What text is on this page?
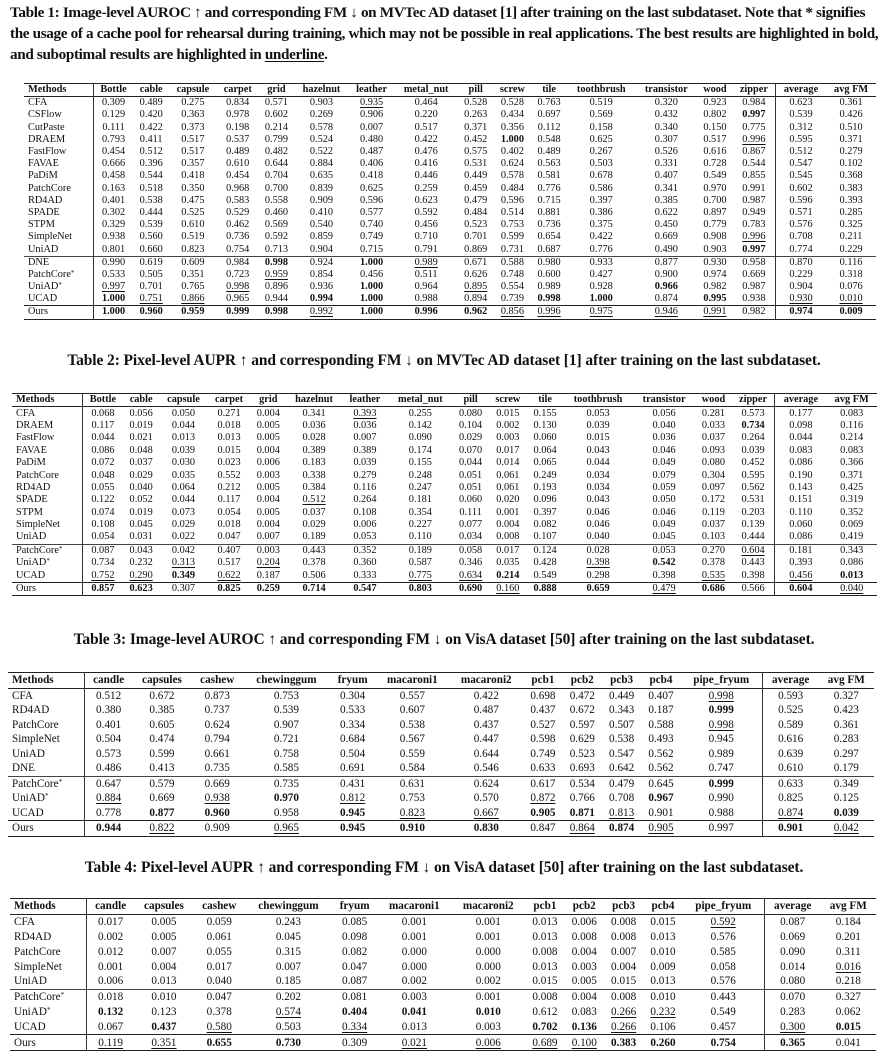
Table 1: Image-level AUROC ↑ and corresponding FM ↓ on MVTec AD dataset [1] after training on the last subdataset. Note that * signifies the usage of a cache pool for rehearsal during training, which may not be possible in real applications. The best results are highlighted in bold, and suboptimal results are highlighted in underline.
Methods	Bottle	cable	capsule	carpet	grid	hazelnut	leather	metal_nut	pill	screw	tile	toothbrush	transistor	wood	zipper	average	avg FM
CFA	0.309	0.489	0.275	0.834	0.571	0.903	0.935	0.464	0.528	0.528	0.763	0.519	0.320	0.923	0.984	0.623	0.361
CSFlow	0.129	0.420	0.363	0.978	0.602	0.269	0.906	0.220	0.263	0.434	0.697	0.569	0.432	0.802	0.997	0.539	0.426
CutPaste	0.111	0.422	0.373	0.198	0.214	0.578	0.007	0.517	0.371	0.356	0.112	0.158	0.340	0.150	0.775	0.312	0.510
DRAEM	0.793	0.411	0.517	0.537	0.799	0.524	0.480	0.422	0.452	1.000	0.548	0.625	0.307	0.517	0.996	0.595	0.371
FastFlow	0.454	0.512	0.517	0.489	0.482	0.522	0.487	0.476	0.575	0.402	0.489	0.267	0.526	0.616	0.867	0.512	0.279
FAVAE	0.666	0.396	0.357	0.610	0.644	0.884	0.406	0.416	0.531	0.624	0.563	0.503	0.331	0.728	0.544	0.547	0.102
PaDiM	0.458	0.544	0.418	0.454	0.704	0.635	0.418	0.446	0.449	0.578	0.581	0.678	0.407	0.549	0.855	0.545	0.368
PatchCore	0.163	0.518	0.350	0.968	0.700	0.839	0.625	0.259	0.459	0.484	0.776	0.586	0.341	0.970	0.991	0.602	0.383
RD4AD	0.401	0.538	0.475	0.583	0.558	0.909	0.596	0.623	0.479	0.596	0.715	0.397	0.385	0.700	0.987	0.596	0.393
SPADE	0.302	0.444	0.525	0.529	0.460	0.410	0.577	0.592	0.484	0.514	0.881	0.386	0.622	0.897	0.949	0.571	0.285
STPM	0.329	0.539	0.610	0.462	0.569	0.540	0.740	0.456	0.523	0.753	0.736	0.375	0.450	0.779	0.783	0.576	0.325
SimpleNet	0.938	0.560	0.519	0.736	0.592	0.859	0.749	0.710	0.701	0.599	0.654	0.422	0.669	0.908	0.996	0.708	0.211
UniAD	0.801	0.660	0.823	0.754	0.713	0.904	0.715	0.791	0.869	0.731	0.687	0.776	0.490	0.903	0.997	0.774	0.229
DNE	0.990	0.619	0.609	0.984	0.998	0.924	1.000	0.989	0.671	0.588	0.980	0.933	0.877	0.930	0.958	0.870	0.116
PatchCore*	0.533	0.505	0.351	0.723	0.959	0.854	0.456	0.511	0.626	0.748	0.600	0.427	0.900	0.974	0.669	0.229	0.318
UniAD*	0.997	0.701	0.765	0.998	0.896	0.936	1.000	0.964	0.895	0.554	0.989	0.928	0.966	0.982	0.987	0.904	0.076
UCAD	1.000	0.751	0.866	0.965	0.944	0.994	1.000	0.988	0.894	0.739	0.998	1.000	0.874	0.995	0.938	0.930	0.010
Ours	1.000	0.960	0.959	0.999	0.998	0.992	1.000	0.996	0.962	0.856	0.996	0.975	0.946	0.991	0.982	0.974	0.009
Table 2: Pixel-level AUPR ↑ and corresponding FM ↓ on MVTec AD dataset [1] after training on the last subdataset.
Methods	Bottle	cable	capsule	carpet	grid	hazelnut	leather	metal_nut	pill	screw	tile	toothbrush	transistor	wood	zipper	average	avg FM
CFA	0.068	0.056	0.050	0.271	0.004	0.341	0.393	0.255	0.080	0.015	0.155	0.053	0.056	0.281	0.573	0.177	0.083
DRAEM	0.117	0.019	0.044	0.018	0.005	0.036	0.036	0.142	0.104	0.002	0.130	0.039	0.040	0.033	0.734	0.098	0.116
FastFlow	0.044	0.021	0.013	0.013	0.005	0.028	0.007	0.090	0.029	0.003	0.060	0.015	0.036	0.037	0.264	0.044	0.214
FAVAE	0.086	0.048	0.039	0.015	0.004	0.389	0.389	0.174	0.070	0.017	0.064	0.043	0.046	0.093	0.039	0.083	0.083
PaDiM	0.072	0.037	0.030	0.023	0.006	0.183	0.039	0.155	0.044	0.014	0.065	0.044	0.049	0.080	0.452	0.086	0.366
PatchCore	0.048	0.029	0.035	0.552	0.003	0.338	0.279	0.248	0.051	0.061	0.249	0.034	0.079	0.304	0.595	0.190	0.371
RD4AD	0.055	0.040	0.064	0.212	0.005	0.384	0.116	0.247	0.051	0.061	0.193	0.034	0.059	0.097	0.562	0.143	0.425
SPADE	0.122	0.052	0.044	0.117	0.004	0.512	0.264	0.181	0.060	0.020	0.096	0.043	0.050	0.172	0.531	0.151	0.319
STPM	0.074	0.019	0.073	0.054	0.005	0.037	0.108	0.354	0.111	0.001	0.397	0.046	0.046	0.119	0.203	0.110	0.352
SimpleNet	0.108	0.045	0.029	0.018	0.004	0.029	0.006	0.227	0.077	0.004	0.082	0.046	0.049	0.037	0.139	0.060	0.069
UniAD	0.054	0.031	0.022	0.047	0.007	0.189	0.053	0.110	0.034	0.008	0.107	0.040	0.045	0.103	0.444	0.086	0.419
PatchCore*	0.087	0.043	0.042	0.407	0.003	0.443	0.352	0.189	0.058	0.017	0.124	0.028	0.053	0.270	0.604	0.181	0.343
UniAD*	0.734	0.232	0.313	0.517	0.204	0.378	0.360	0.587	0.346	0.035	0.428	0.398	0.542	0.378	0.443	0.393	0.086
UCAD	0.752	0.290	0.349	0.622	0.187	0.506	0.333	0.775	0.634	0.214	0.549	0.298	0.398	0.535	0.398	0.456	0.013
Ours	0.857	0.623	0.307	0.825	0.259	0.714	0.547	0.803	0.690	0.160	0.888	0.659	0.479	0.686	0.566	0.604	0.040
Table 3: Image-level AUROC ↑ and corresponding FM ↓ on VisA dataset [50] after training on the last subdataset.
Methods	candle	capsules	cashew	chewinggum	fryum	macaroni1	macaroni2	pcb1	pcb2	pcb3	pcb4	pipe_fryum	average	avg FM
CFA	0.512	0.672	0.873	0.753	0.304	0.557	0.422	0.698	0.472	0.449	0.407	0.998	0.593	0.327
RD4AD	0.380	0.385	0.737	0.539	0.533	0.607	0.487	0.437	0.672	0.343	0.187	0.999	0.525	0.423
PatchCore	0.401	0.605	0.624	0.907	0.334	0.538	0.437	0.527	0.597	0.507	0.588	0.998	0.589	0.361
SimpleNet	0.504	0.474	0.794	0.721	0.684	0.567	0.447	0.598	0.629	0.538	0.493	0.945	0.616	0.283
UniAD	0.573	0.599	0.661	0.758	0.504	0.559	0.644	0.749	0.523	0.547	0.562	0.989	0.639	0.297
DNE	0.486	0.413	0.735	0.585	0.691	0.584	0.546	0.633	0.693	0.642	0.562	0.747	0.610	0.179
PatchCore*	0.647	0.579	0.669	0.735	0.431	0.631	0.624	0.617	0.534	0.479	0.645	0.999	0.633	0.349
UniAD*	0.884	0.669	0.938	0.970	0.812	0.753	0.570	0.872	0.766	0.708	0.967	0.990	0.825	0.125
UCAD	0.778	0.877	0.960	0.958	0.945	0.823	0.667	0.905	0.871	0.813	0.901	0.988	0.874	0.039
Ours	0.944	0.822	0.909	0.965	0.945	0.910	0.830	0.847	0.864	0.874	0.905	0.997	0.901	0.042
Table 4: Pixel-level AUPR ↑ and corresponding FM ↓ on VisA dataset [50] after training on the last subdataset.
Methods	candle	capsules	cashew	chewinggum	fryum	macaroni1	macaroni2	pcb1	pcb2	pcb3	pcb4	pipe_fryum	average	avg FM
CFA	0.017	0.005	0.059	0.243	0.085	0.001	0.001	0.013	0.006	0.008	0.015	0.592	0.087	0.184
RD4AD	0.002	0.005	0.061	0.045	0.098	0.001	0.001	0.013	0.008	0.008	0.013	0.576	0.069	0.201
PatchCore	0.012	0.007	0.055	0.315	0.082	0.000	0.000	0.008	0.004	0.007	0.010	0.585	0.090	0.311
SimpleNet	0.001	0.004	0.017	0.007	0.047	0.000	0.000	0.013	0.003	0.004	0.009	0.058	0.014	0.016
UniAD	0.006	0.013	0.040	0.185	0.087	0.002	0.002	0.015	0.005	0.015	0.013	0.576	0.080	0.218
PatchCore*	0.018	0.010	0.047	0.202	0.081	0.003	0.001	0.008	0.004	0.008	0.010	0.443	0.070	0.327
UniAD*	0.132	0.123	0.378	0.574	0.404	0.041	0.010	0.612	0.083	0.266	0.232	0.549	0.283	0.062
UCAD	0.067	0.437	0.580	0.503	0.334	0.013	0.003	0.702	0.136	0.266	0.106	0.457	0.300	0.015
Ours	0.119	0.351	0.655	0.730	0.309	0.021	0.006	0.689	0.100	0.383	0.260	0.754	0.365	0.041
